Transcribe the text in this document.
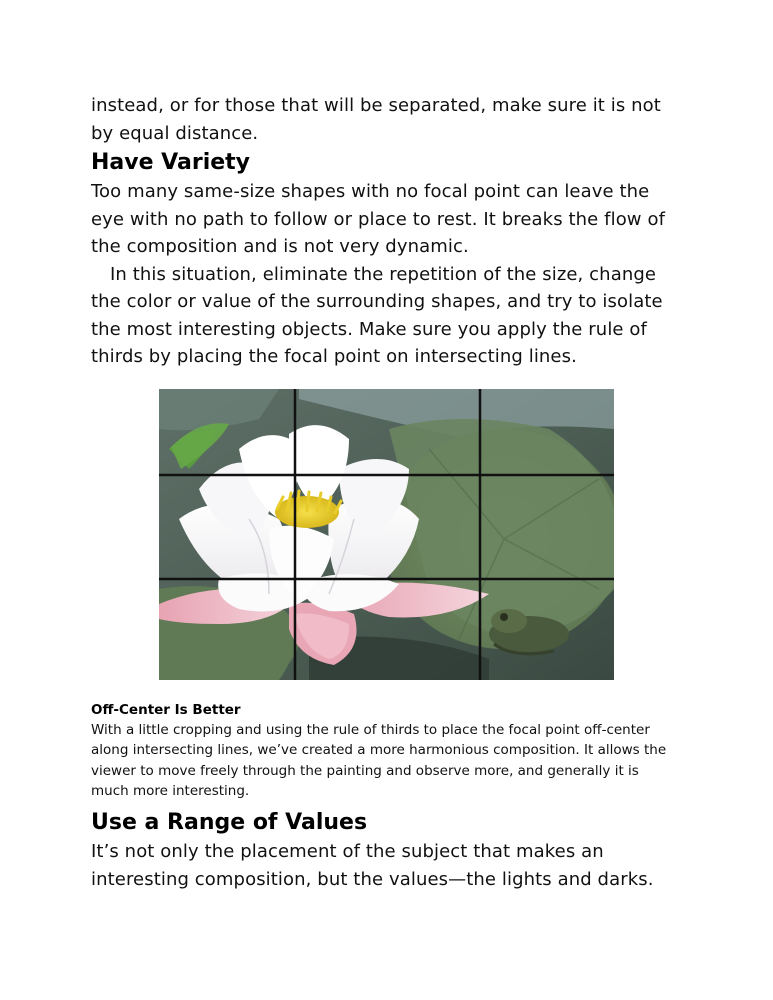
instead, or for those that will be separated, make sure it is not
by equal distance.

Have Variety

Too many same-size shapes with no focal point can leave the
eye with no path to follow or place to rest. It breaks the flow of
the composition and is not very dynamic.

In this situation, eliminate the repetition of the size, change
the color or value of the surrounding shapes, and try to isolate
the most interesting objects. Make sure you apply the rule of
thirds by placing the focal point on intersecting lines.

Off-Center Is Better

With a little cropping and using the rule of thirds to place the focal point off-center
along intersecting lines, we’ve created a more harmonious composition. It allows the
viewer to move freely through the painting and observe more, and generally it is
much more interesting.

Use a Range of Values

It’s not only the placement of the subject that makes an
interesting composition, but the values—the lights and darks.
